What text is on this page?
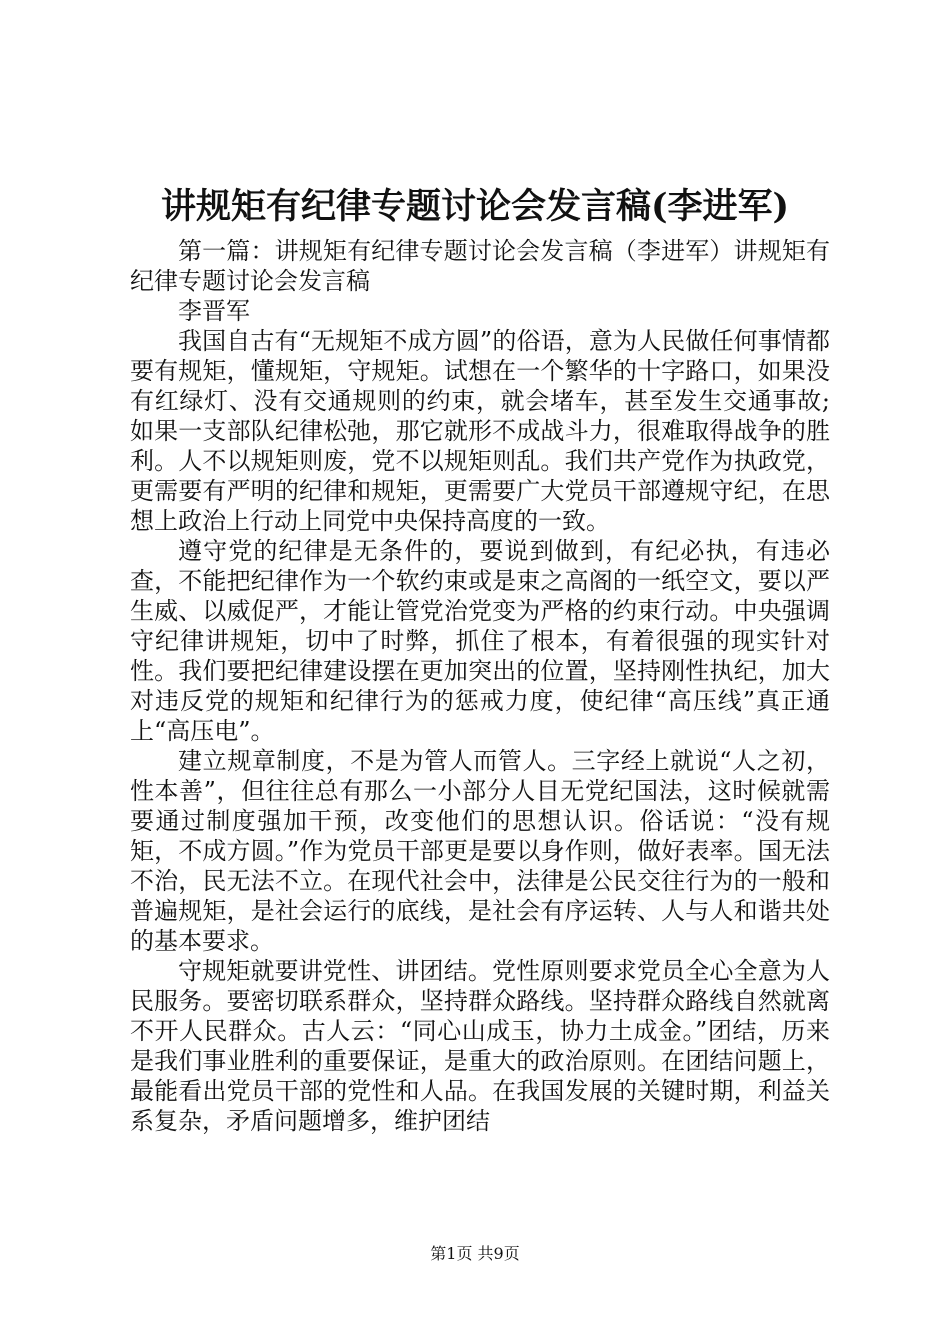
讲规矩有纪律专题讨论会发言稿(李进军)

第一篇：讲规矩有纪律专题讨论会发言稿（李进军）讲规矩有纪律专题讨论会发言稿

李晋军

我国自古有“无规矩不成方圆”的俗语，意为人民做任何事情都要有规矩，懂规矩，守规矩。试想在一个繁华的十字路口，如果没有红绿灯、没有交通规则的约束，就会堵车，甚至发生交通事故;如果一支部队纪律松弛，那它就形不成战斗力，很难取得战争的胜利。人不以规矩则废，党不以规矩则乱。我们共产党作为执政党，更需要有严明的纪律和规矩，更需要广大党员干部遵规守纪，在思想上政治上行动上同党中央保持高度的一致。

遵守党的纪律是无条件的，要说到做到，有纪必执，有违必查，不能把纪律作为一个软约束或是束之高阁的一纸空文，要以严生威、以威促严，才能让管党治党变为严格的约束行动。中央强调守纪律讲规矩，切中了时弊，抓住了根本，有着很强的现实针对性。我们要把纪律建设摆在更加突出的位置，坚持刚性执纪，加大对违反党的规矩和纪律行为的惩戒力度，使纪律“高压线”真正通上“高压电”。

建立规章制度，不是为管人而管人。三字经上就说“人之初，性本善”，但往往总有那么一小部分人目无党纪国法，这时候就需要通过制度强加干预，改变他们的思想认识。俗话说：“没有规矩，不成方圆。”作为党员干部更是要以身作则，做好表率。国无法不治，民无法不立。在现代社会中，法律是公民交往行为的一般和普遍规矩，是社会运行的底线，是社会有序运转、人与人和谐共处的基本要求。

守规矩就要讲党性、讲团结。党性原则要求党员全心全意为人民服务。要密切联系群众，坚持群众路线。坚持群众路线自然就离不开人民群众。古人云：“同心山成玉，协力土成金。”团结，历来是我们事业胜利的重要保证，是重大的政治原则。在团结问题上，最能看出党员干部的党性和人品。在我国发展的关键时期，利益关系复杂，矛盾问题增多，维护团结

第1页 共9页
